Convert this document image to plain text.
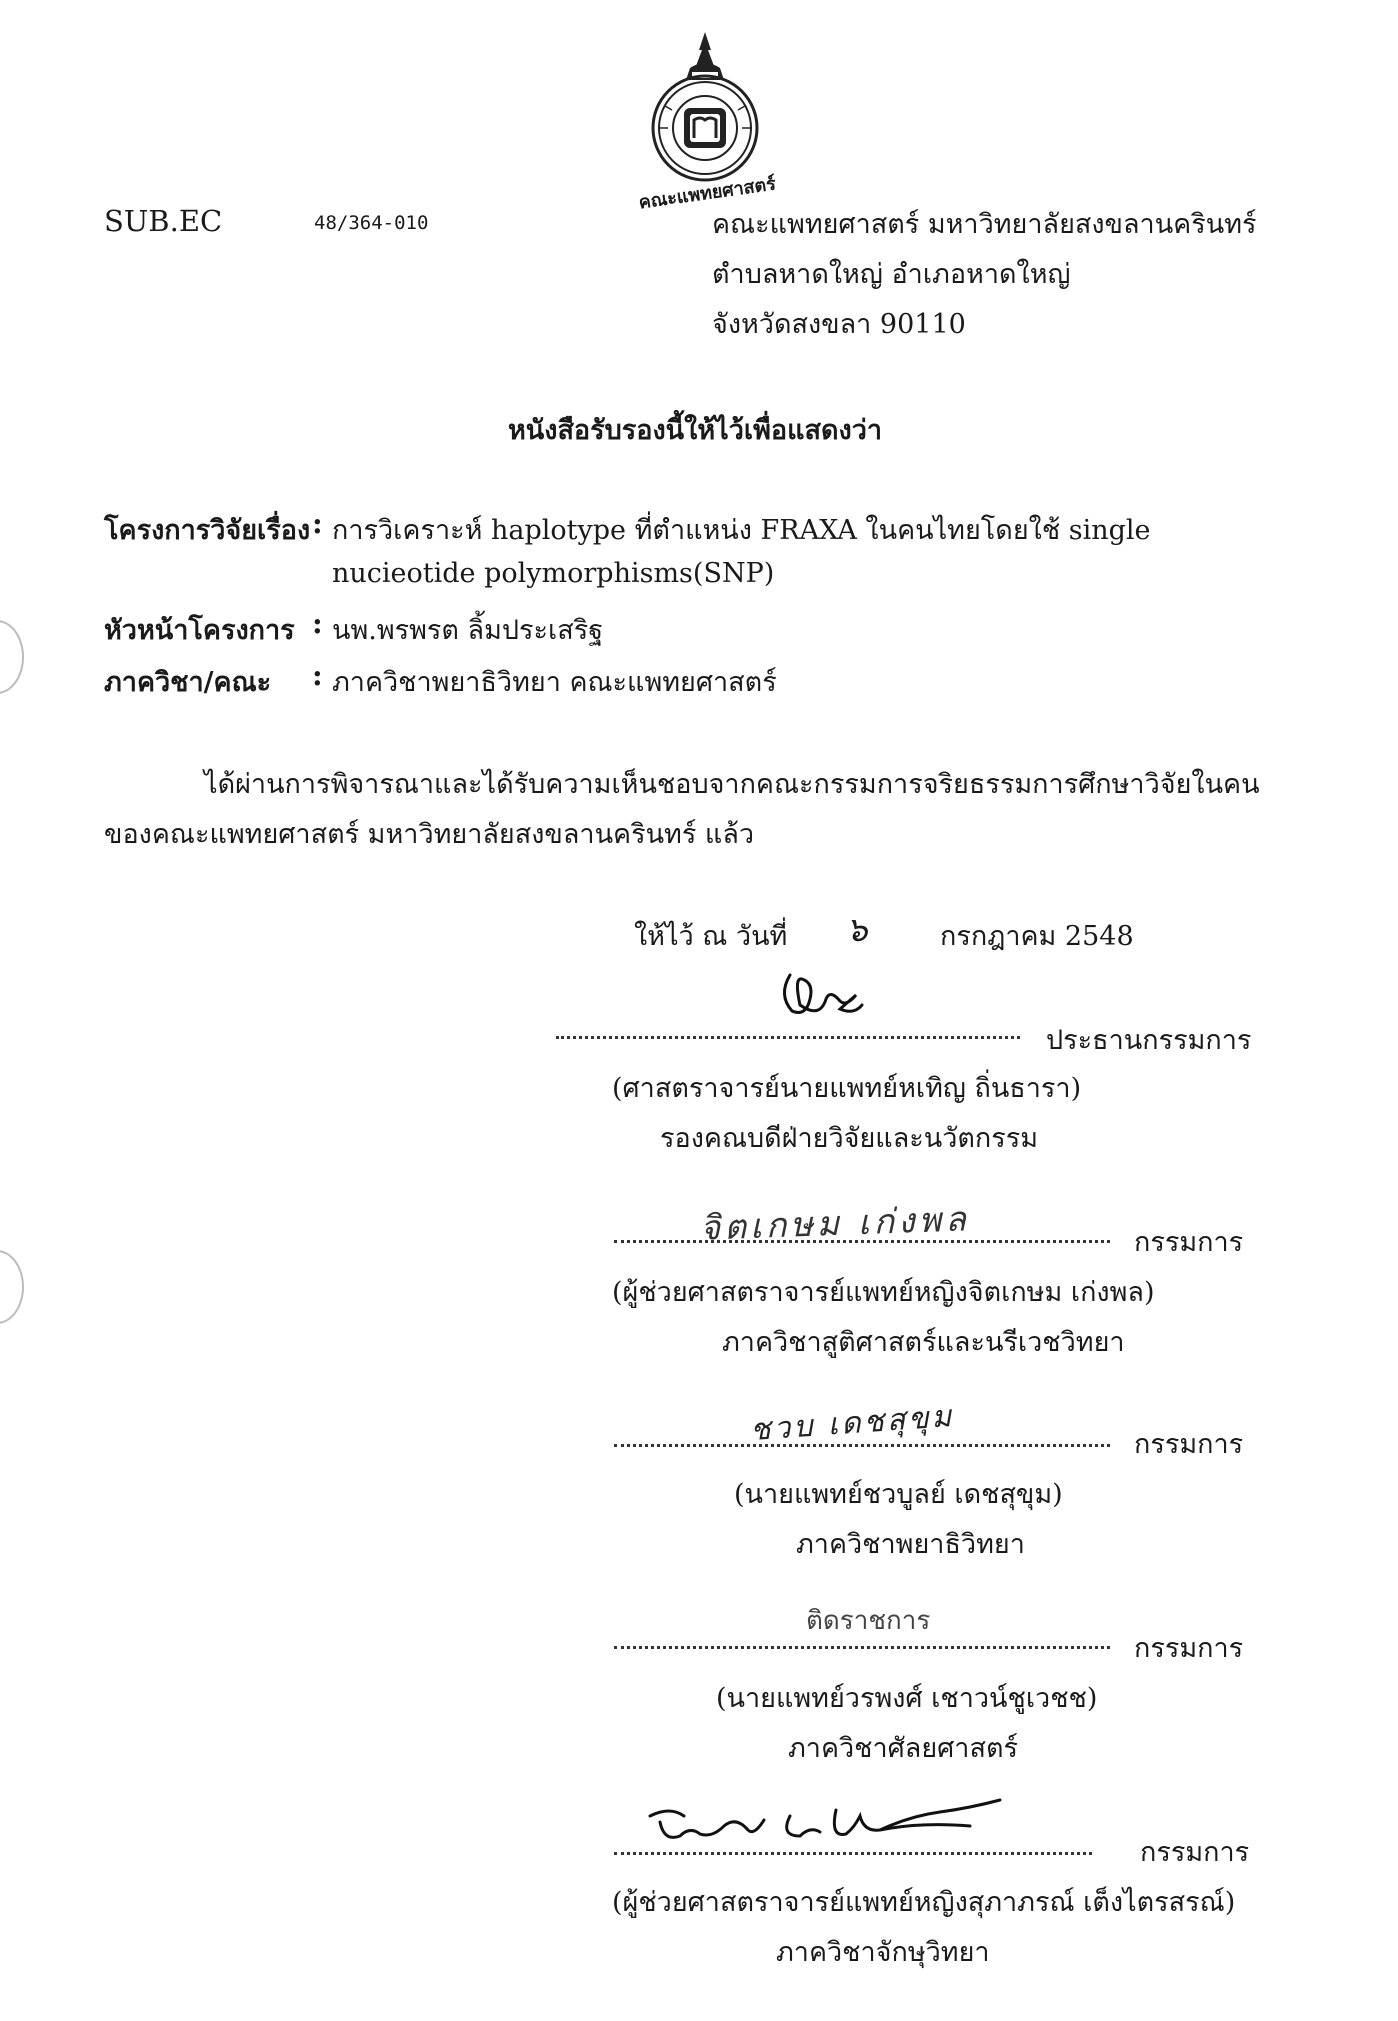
คณะแพทยศาสตร์
SUB.EC	48/364-010	คณะแพทยศาสตร์ มหาวิทยาลัยสงขลานครินทร์
ตำบลหาดใหญ่ อำเภอหาดใหญ่
จังหวัดสงขลา 90110
หนังสือรับรองนี้ให้ไว้เพื่อแสดงว่า
โครงการวิจัยเรื่อง : การวิเคราะห์ haplotype ที่ตำแหน่ง FRAXA ในคนไทยโดยใช้ single
nucieotide polymorphisms(SNP)
หัวหน้าโครงการ : นพ.พรพรต ลิ้มประเสริฐ
ภาควิชา/คณะ : ภาควิชาพยาธิวิทยา คณะแพทยศาสตร์
ได้ผ่านการพิจารณาและได้รับความเห็นชอบจากคณะกรรมการจริยธรรมการศึกษาวิจัยในคน
ของคณะแพทยศาสตร์ มหาวิทยาลัยสงขลานครินทร์ แล้ว
ให้ไว้ ณ วันที่ ๖	กรกฎาคม 2548
ประธานกรรมการ
(ศาสตราจารย์นายแพทย์หเทิญ ถิ่นธารา)
รองคณบดีฝ่ายวิจัยและนวัตกรรม
จิตเกษม เก่งพล	กรรมการ
(ผู้ช่วยศาสตราจารย์แพทย์หญิงจิตเกษม เก่งพล)
ภาควิชาสูติศาสตร์และนรีเวชวิทยา
ชวบ เดชสุขุม	กรรมการ
(นายแพทย์ชวบูลย์ เดชสุขุม)
ภาควิชาพยาธิวิทยา
ติดราชการ
กรรมการ
(นายแพทย์วรพงศ์ เชาวน์ชูเวชช)
ภาควิชาศัลยศาสตร์
กรรมการ
(ผู้ช่วยศาสตราจารย์แพทย์หญิงสุภาภรณ์ เต็งไตรสรณ์)
ภาควิชาจักษุวิทยา
